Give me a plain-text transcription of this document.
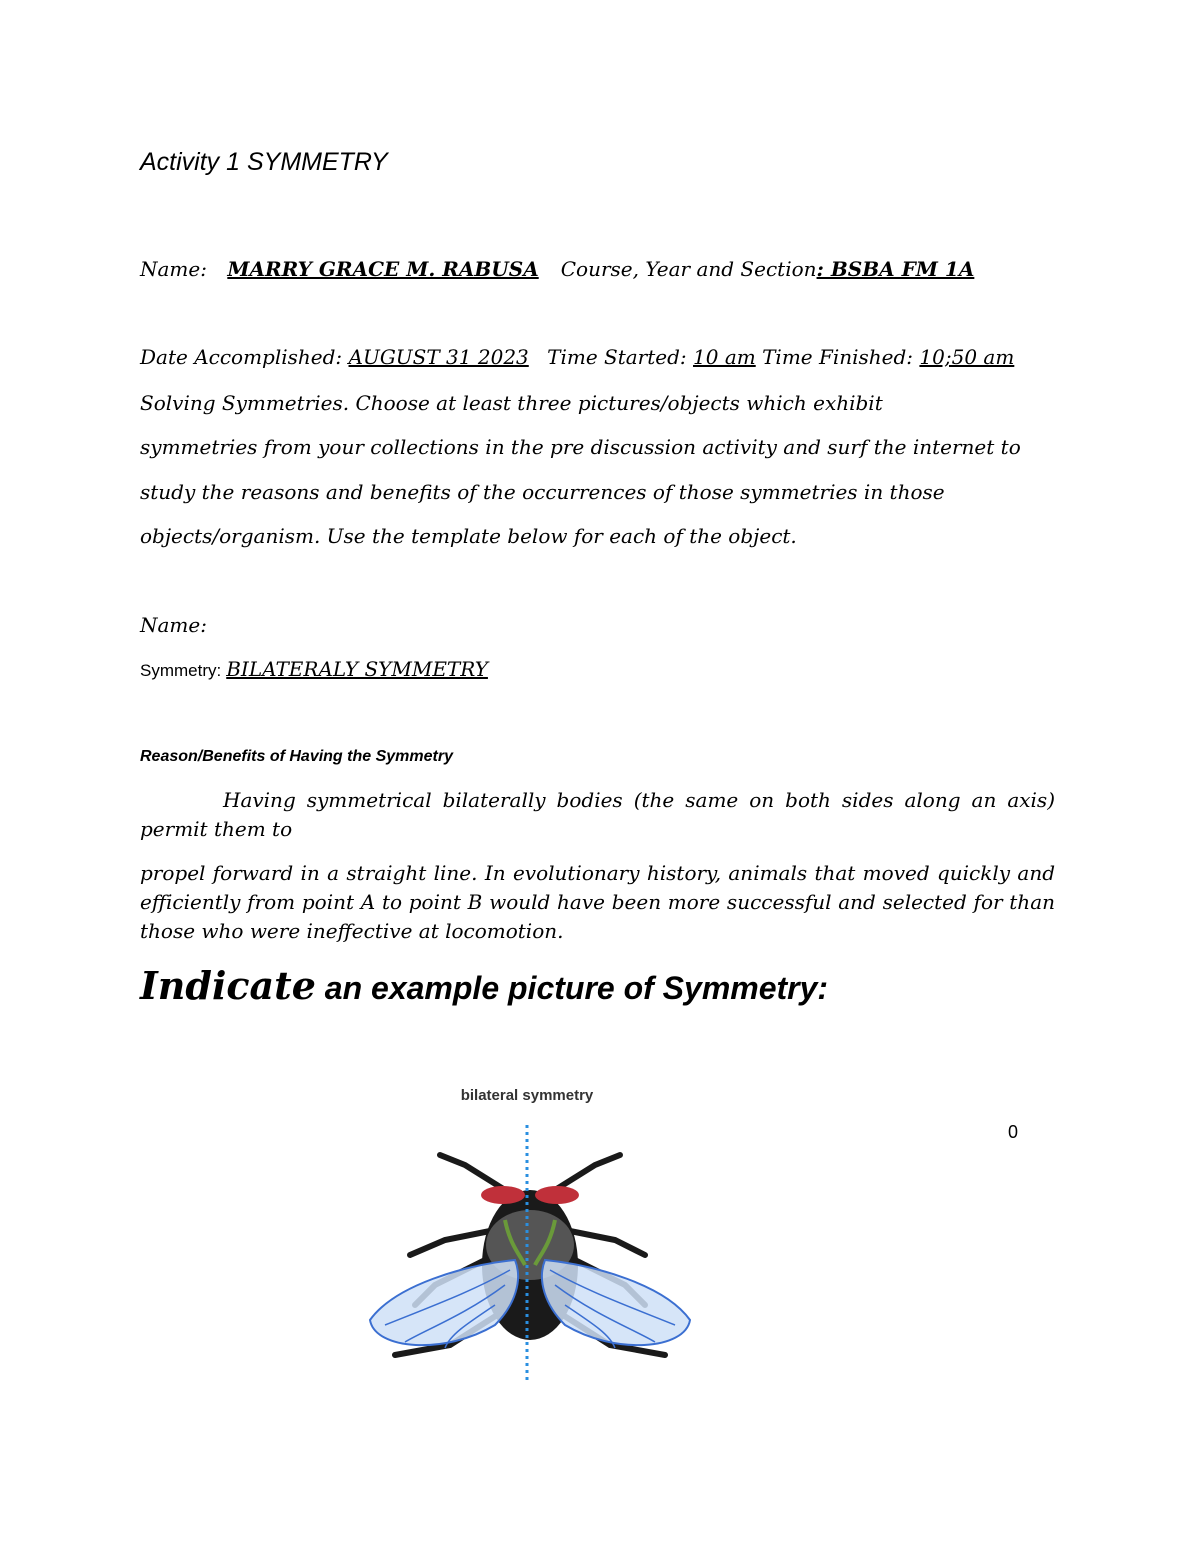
Activity 1 SYMMETRY
Name: MARRY GRACE M. RABUSA Course, Year and Section: BSBA FM 1A
Date Accomplished: AUGUST 31 2023 Time Started: 10 am Time Finished: 10;50 am
Solving Symmetries. Choose at least three pictures/objects which exhibit
symmetries from your collections in the pre discussion activity and surf the internet to
study the reasons and benefits of the occurrences of those symmetries in those
objects/organism. Use the template below for each of the object.
Name:
Symmetry: BILATERALY SYMMETRY
Reason/Benefits of Having the Symmetry
Having symmetrical bilaterally bodies (the same on both sides along an axis) permit them to
propel forward in a straight line. In evolutionary history, animals that moved quickly and efficiently from point A to point B would have been more successful and selected for than those who were ineffective at locomotion.
Indicate an example picture of Symmetry:
bilateral symmetry
0
